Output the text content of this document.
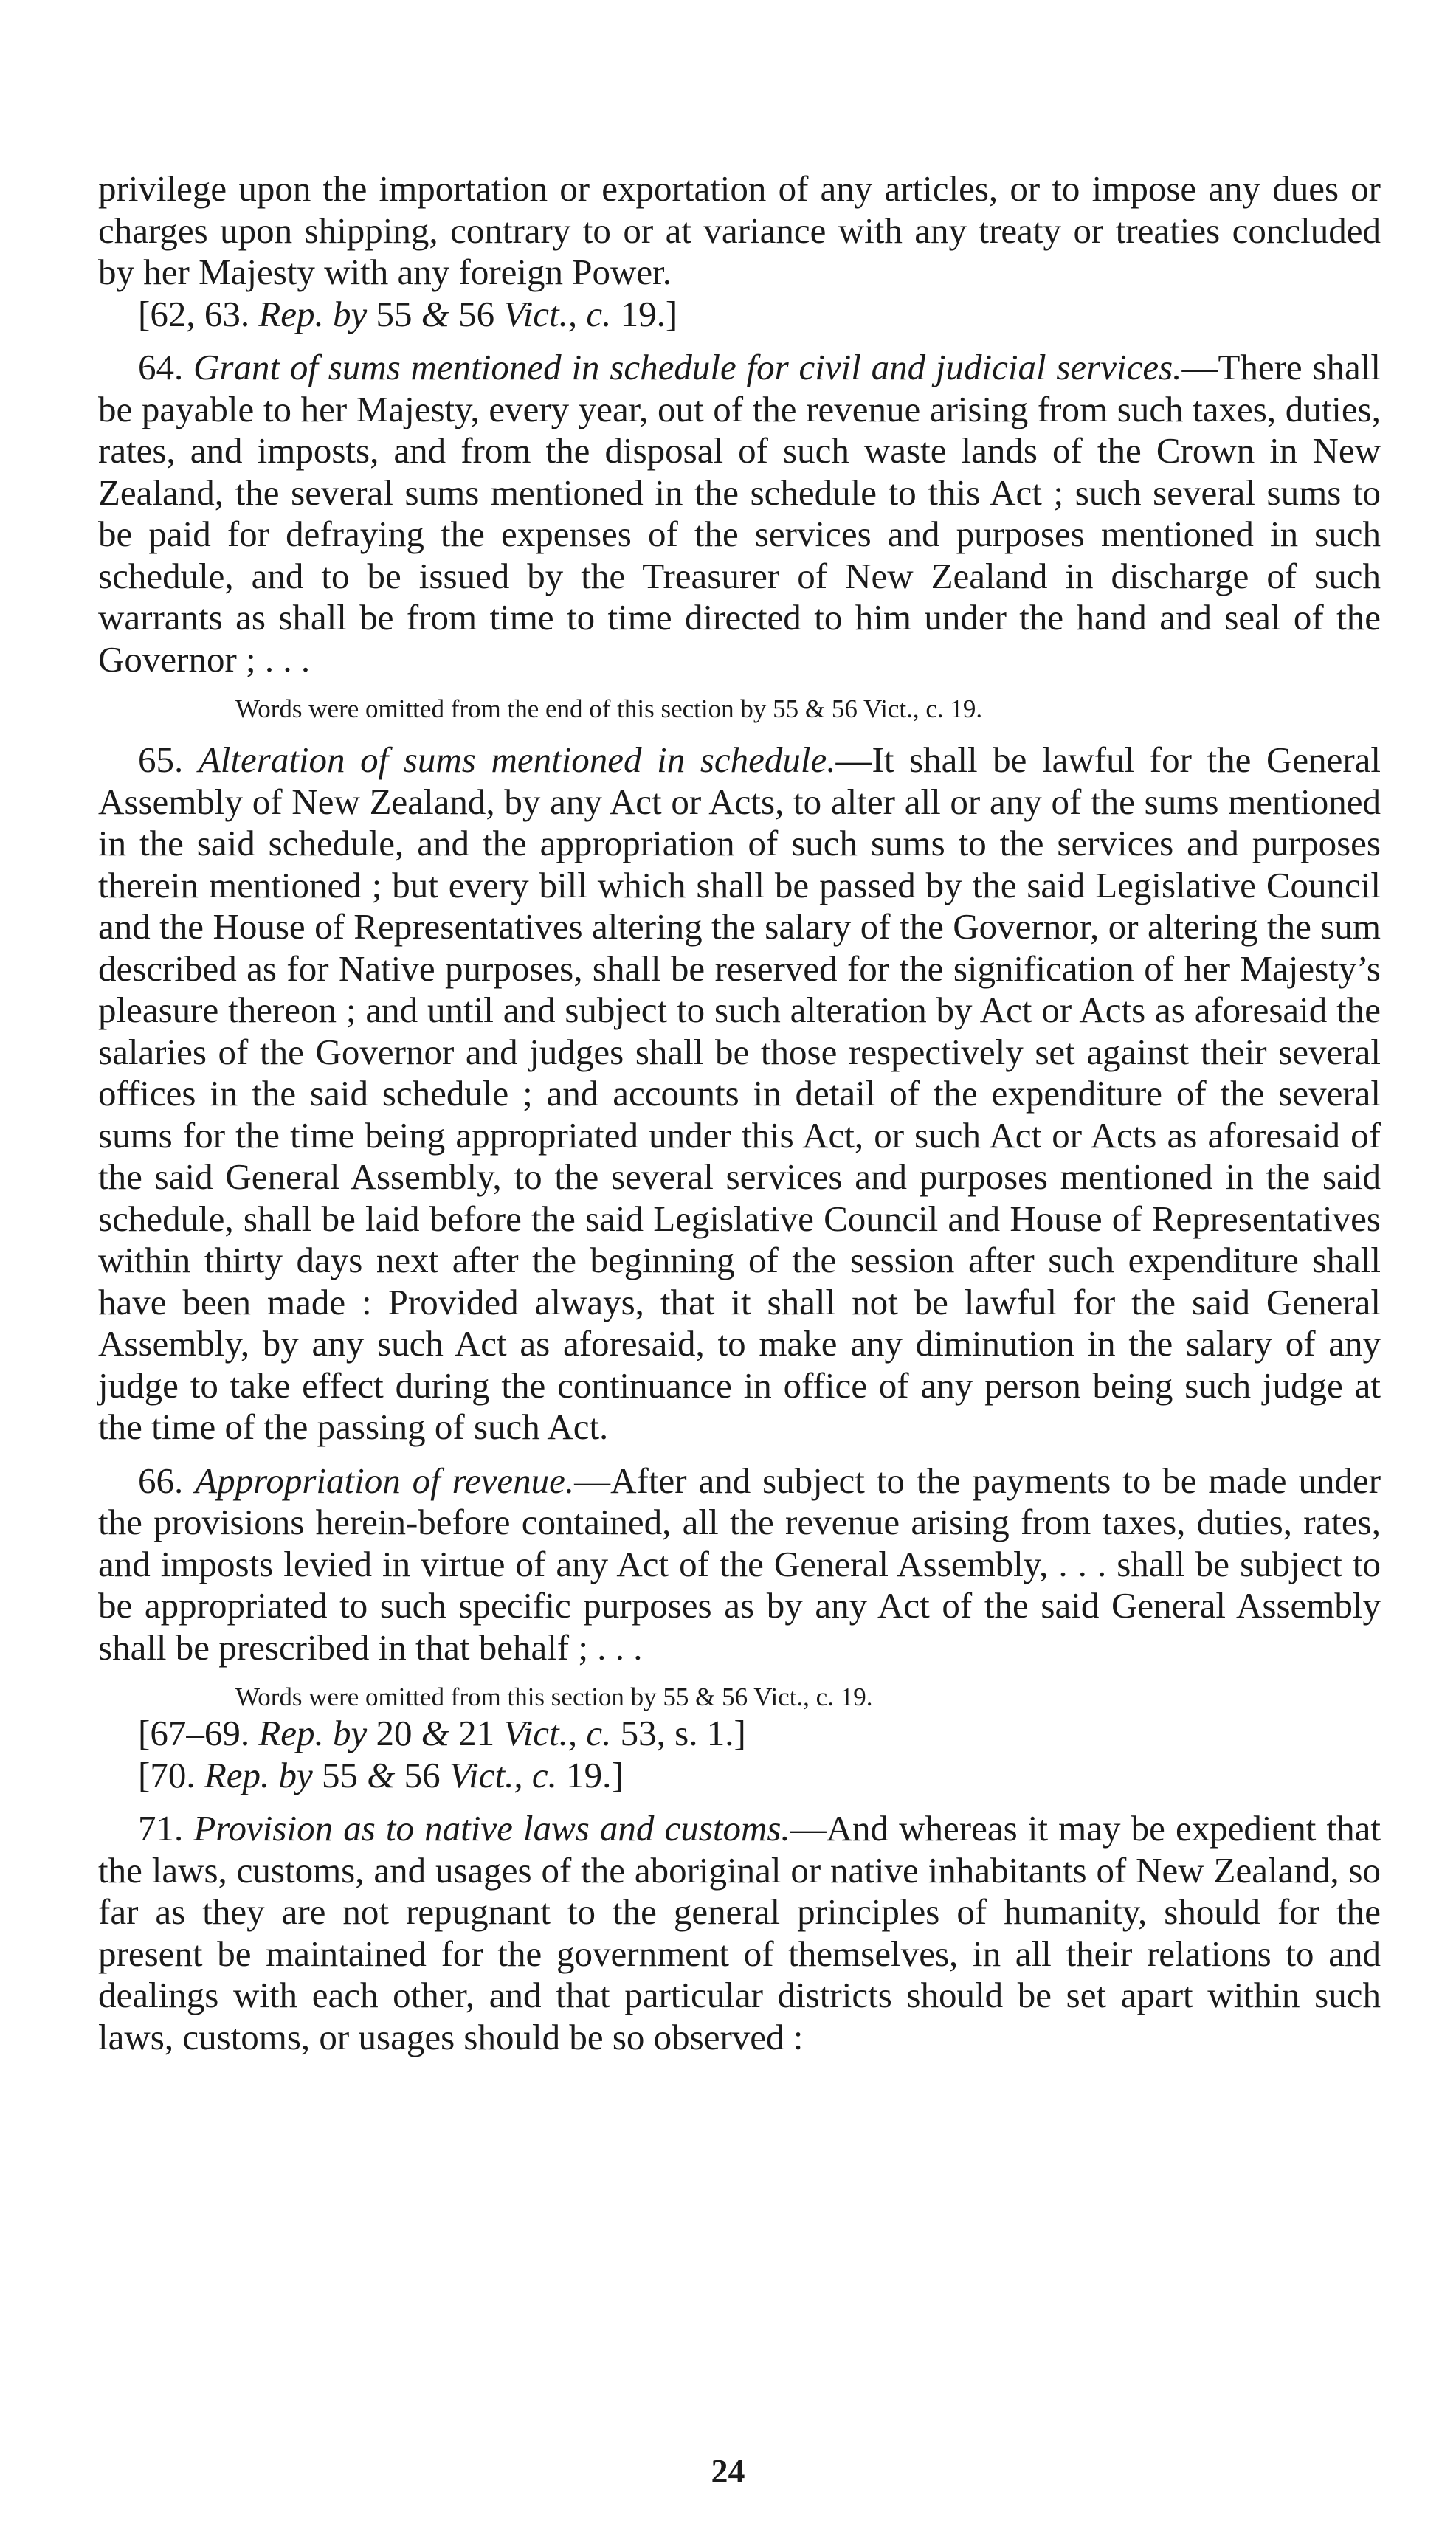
privilege upon the importation or exportation of any articles, or to impose any dues or charges upon shipping, contrary to or at variance with any treaty or treaties concluded by her Majesty with any foreign Power.

[62, 63. Rep. by 55 & 56 Vict., c. 19.]

64. Grant of sums mentioned in schedule for civil and judicial services.—There shall be payable to her Majesty, every year, out of the revenue arising from such taxes, duties, rates, and imposts, and from the disposal of such waste lands of the Crown in New Zealand, the several sums mentioned in the schedule to this Act ; such several sums to be paid for defraying the expenses of the services and purposes mentioned in such schedule, and to be issued by the Treasurer of New Zealand in discharge of such warrants as shall be from time to time directed to him under the hand and seal of the Governor ; . . .

Words were omitted from the end of this section by 55 & 56 Vict., c. 19.

65. Alteration of sums mentioned in schedule.—It shall be lawful for the General Assembly of New Zealand, by any Act or Acts, to alter all or any of the sums mentioned in the said schedule, and the appropriation of such sums to the services and purposes therein mentioned ; but every bill which shall be passed by the said Legislative Council and the House of Representatives altering the salary of the Governor, or altering the sum described as for Native purposes, shall be reserved for the signification of her Majesty’s pleasure thereon ; and until and subject to such alteration by Act or Acts as aforesaid the salaries of the Governor and judges shall be those respectively set against their several offices in the said schedule ; and accounts in detail of the expenditure of the several sums for the time being appropriated under this Act, or such Act or Acts as aforesaid of the said General Assembly, to the several services and purposes mentioned in the said schedule, shall be laid before the said Legislative Council and House of Representatives within thirty days next after the beginning of the session after such expenditure shall have been made : Provided always, that it shall not be lawful for the said General Assembly, by any such Act as aforesaid, to make any diminution in the salary of any judge to take effect during the continuance in office of any person being such judge at the time of the passing of such Act.

66. Appropriation of revenue.—After and subject to the payments to be made under the provisions herein-before contained, all the revenue arising from taxes, duties, rates, and imposts levied in virtue of any Act of the General Assembly, . . . shall be subject to be appropriated to such specific purposes as by any Act of the said General Assembly shall be prescribed in that behalf ; . . .

Words were omitted from this section by 55 & 56 Vict., c. 19.

[67–69. Rep. by 20 & 21 Vict., c. 53, s. 1.]

[70. Rep. by 55 & 56 Vict., c. 19.]

71. Provision as to native laws and customs.—And whereas it may be expedient that the laws, customs, and usages of the aboriginal or native inhabitants of New Zealand, so far as they are not repugnant to the general principles of humanity, should for the present be maintained for the government of themselves, in all their relations to and dealings with each other, and that particular districts should be set apart within such laws, customs, or usages should be so observed :

24
